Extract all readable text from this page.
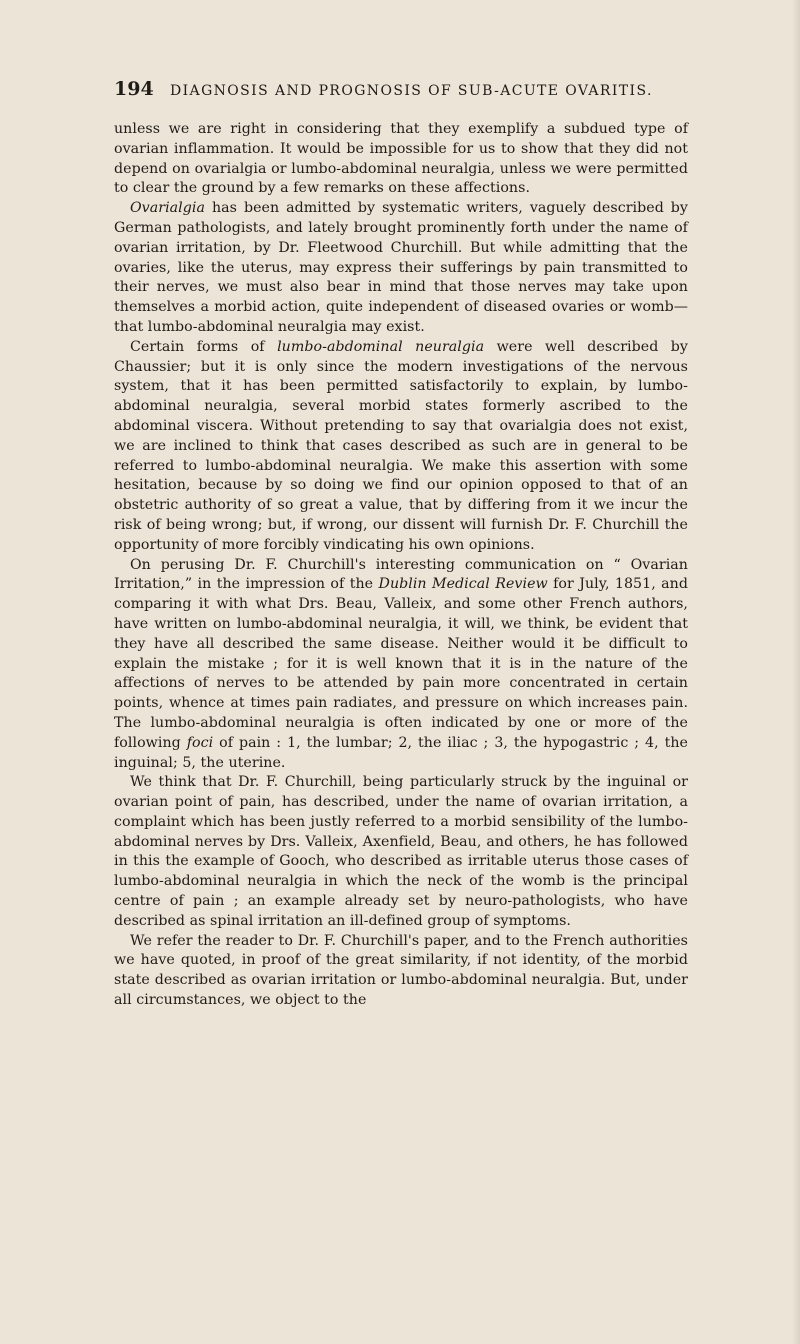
194	DIAGNOSIS AND PROGNOSIS OF SUB-ACUTE OVARITIS.

unless we are right in considering that they exemplify a subdued type of ovarian inflammation. It would be impossible for us to show that they did not depend on ovarialgia or lumbo-abdominal neuralgia, unless we were permitted to clear the ground by a few remarks on these affections.

Ovarialgia has been admitted by systematic writers, vaguely described by German pathologists, and lately brought prominently forth under the name of ovarian irritation, by Dr. Fleetwood Churchill. But while admitting that the ovaries, like the uterus, may express their sufferings by pain transmitted to their nerves, we must also bear in mind that those nerves may take upon themselves a morbid action, quite independent of diseased ovaries or womb—that lumbo-abdominal neuralgia may exist.

Certain forms of lumbo-abdominal neuralgia were well described by Chaussier; but it is only since the modern investigations of the nervous system, that it has been permitted satisfactorily to explain, by lumbo-abdominal neuralgia, several morbid states formerly ascribed to the abdominal viscera. Without pretending to say that ovarialgia does not exist, we are inclined to think that cases described as such are in general to be referred to lumbo-abdominal neuralgia. We make this assertion with some hesitation, because by so doing we find our opinion opposed to that of an obstetric authority of so great a value, that by differing from it we incur the risk of being wrong; but, if wrong, our dissent will furnish Dr. F. Churchill the opportunity of more forcibly vindicating his own opinions.

On perusing Dr. F. Churchill's interesting communication on “ Ovarian Irritation,” in the impression of the Dublin Medical Review for July, 1851, and comparing it with what Drs. Beau, Valleix, and some other French authors, have written on lumbo-abdominal neuralgia, it will, we think, be evident that they have all described the same disease. Neither would it be difficult to explain the mistake ; for it is well known that it is in the nature of the affections of nerves to be attended by pain more concentrated in certain points, whence at times pain radiates, and pressure on which increases pain. The lumbo-abdominal neuralgia is often indicated by one or more of the following foci of pain : 1, the lumbar; 2, the iliac ; 3, the hypogastric ; 4, the inguinal; 5, the uterine.

We think that Dr. F. Churchill, being particularly struck by the inguinal or ovarian point of pain, has described, under the name of ovarian irritation, a complaint which has been justly referred to a morbid sensibility of the lumbo-abdominal nerves by Drs. Valleix, Axenfield, Beau, and others, he has followed in this the example of Gooch, who described as irritable uterus those cases of lumbo-abdominal neuralgia in which the neck of the womb is the principal centre of pain ; an example already set by neuro-pathologists, who have described as spinal irritation an ill-defined group of symptoms.

We refer the reader to Dr. F. Churchill's paper, and to the French authorities we have quoted, in proof of the great similarity, if not identity, of the morbid state described as ovarian irritation or lumbo-abdominal neuralgia. But, under all circumstances, we object to the
